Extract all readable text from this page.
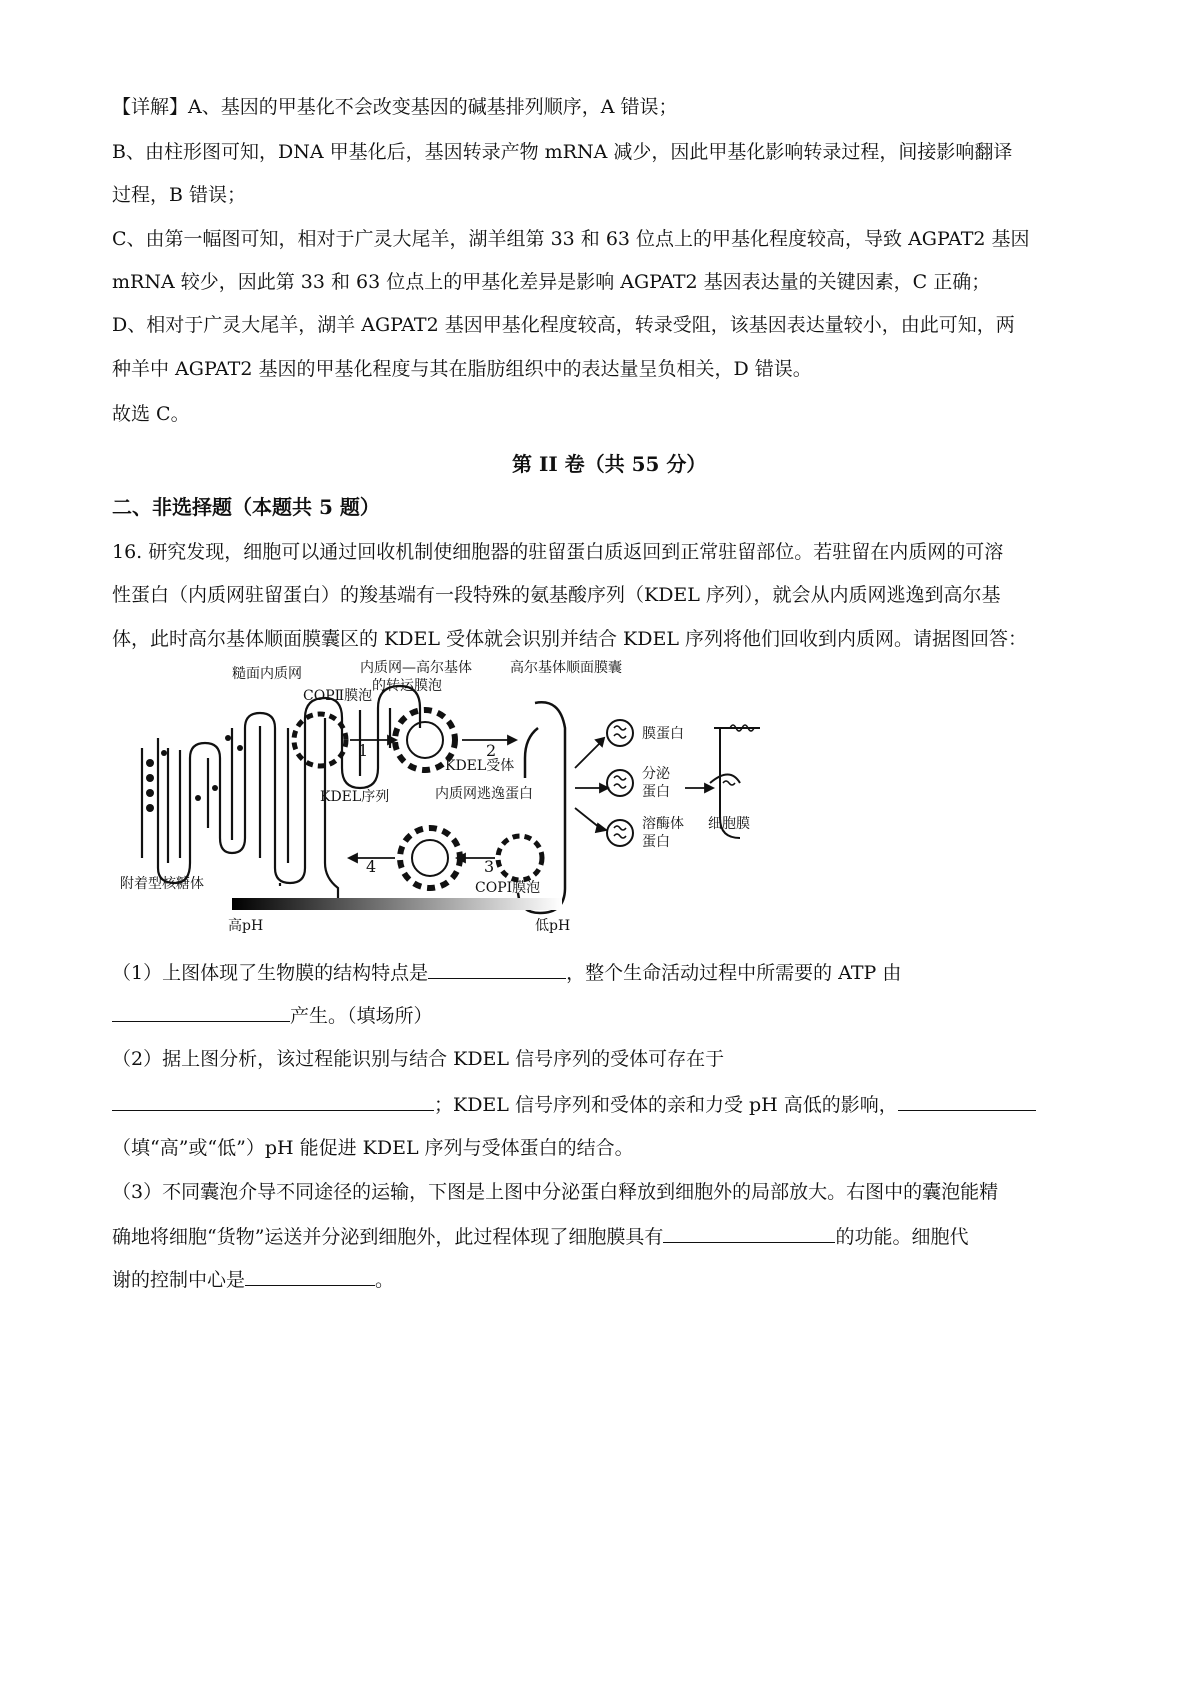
【详解】A、基因的甲基化不会改变基因的碱基排列顺序，A 错误；
B、由柱形图可知，DNA 甲基化后，基因转录产物 mRNA 减少，因此甲基化影响转录过程，间接影响翻译
过程，B 错误；
C、由第一幅图可知，相对于广灵大尾羊，湖羊组第 33 和 63 位点上的甲基化程度较高，导致 AGPAT2 基因
mRNA 较少，因此第 33 和 63 位点上的甲基化差异是影响 AGPAT2 基因表达量的关键因素，C 正确；
D、相对于广灵大尾羊，湖羊 AGPAT2 基因甲基化程度较高，转录受阻，该基因表达量较小，由此可知，两
种羊中 AGPAT2 基因的甲基化程度与其在脂肪组织中的表达量呈负相关，D 错误。
故选 C。
第 II 卷（共 55 分）
二、非选择题（本题共 5 题）
16. 研究发现，细胞可以通过回收机制使细胞器的驻留蛋白质返回到正常驻留部位。若驻留在内质网的可溶
性蛋白（内质网驻留蛋白）的羧基端有一段特殊的氨基酸序列（KDEL 序列），就会从内质网逃逸到高尔基
体，此时高尔基体顺面膜囊区的 KDEL 受体就会识别并结合 KDEL 序列将他们回收到内质网。请据图回答：
糙面内质网
COPⅡ膜泡
内质网—高尔基体
的转运膜泡
高尔基体顺面膜囊
1	2
3
4
KDEL受体
KDEL序列	内质网逃逸蛋白
COPⅠ膜泡
附着型核糖体
膜蛋白
分泌
蛋白
溶酶体
蛋白
细胞膜
高pH	低pH
（1）上图体现了生物膜的结构特点是	，整个生命活动过程中所需要的 ATP 由
产生。（填场所）
（2）据上图分析，该过程能识别与结合 KDEL 信号序列的受体可存在于
；KDEL 信号序列和受体的亲和力受 pH 高低的影响，
（填“高”或“低”）pH 能促进 KDEL 序列与受体蛋白的结合。
（3）不同囊泡介导不同途径的运输，下图是上图中分泌蛋白释放到细胞外的局部放大。右图中的囊泡能精
确地将细胞“货物”运送并分泌到细胞外，此过程体现了细胞膜具有	的功能。细胞代
谢的控制中心是	。
